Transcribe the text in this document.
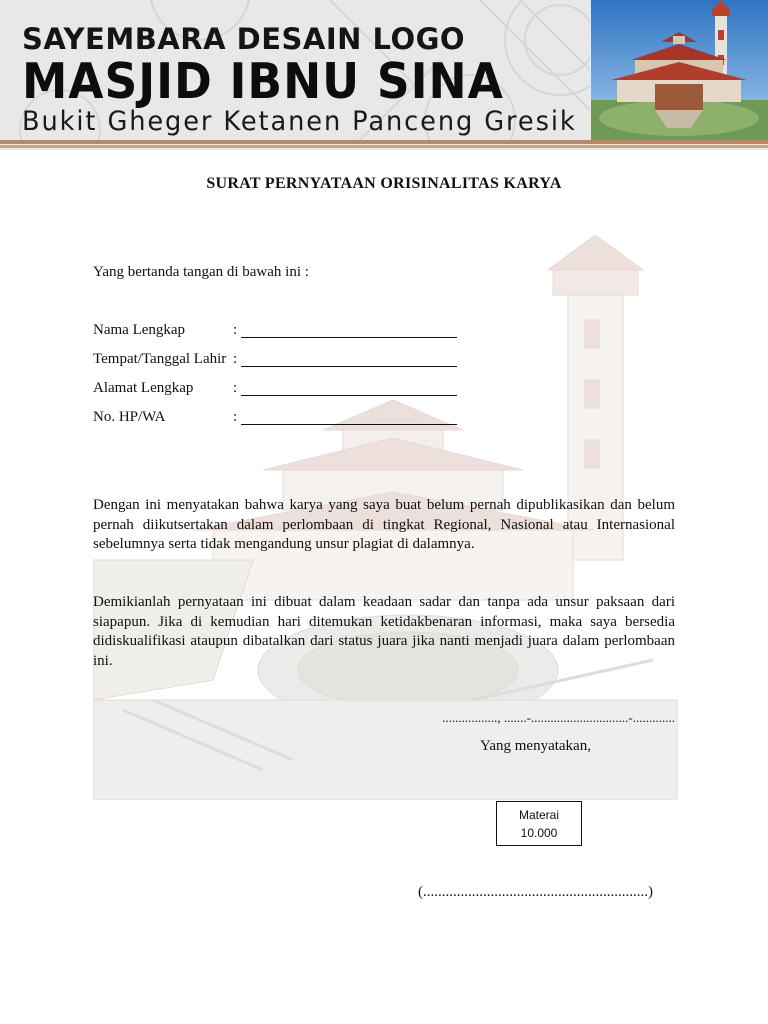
SAYEMBARA DESAIN LOGO
MASJID IBNU SINA
Bukit Gheger Ketanen Panceng Gresik
SURAT PERNYATAAN ORISINALITAS KARYA
Yang bertanda tangan di bawah ini :
Nama Lengkap	:
Tempat/Tanggal Lahir :
Alamat Lengkap	:
No. HP/WA	:

Dengan ini menyatakan bahwa karya yang saya buat belum pernah dipublikasikan dan belum pernah diikutsertakan dalam perlombaan di tingkat Regional, Nasional atau Internasional sebelumnya serta tidak mengandung unsur plagiat di dalamnya.

Demikianlah pernyataan ini dibuat dalam keadaan sadar dan tanpa ada unsur paksaan dari siapapun. Jika di kemudian hari ditemukan ketidakbenaran informasi, maka saya bersedia didiskualifikasi ataupun dibatalkan dari status juara jika nanti menjadi juara dalam perlombaan ini.

................., .......-..............................-.............
Yang menyatakan,
Materai
10.000
(............................................................)
